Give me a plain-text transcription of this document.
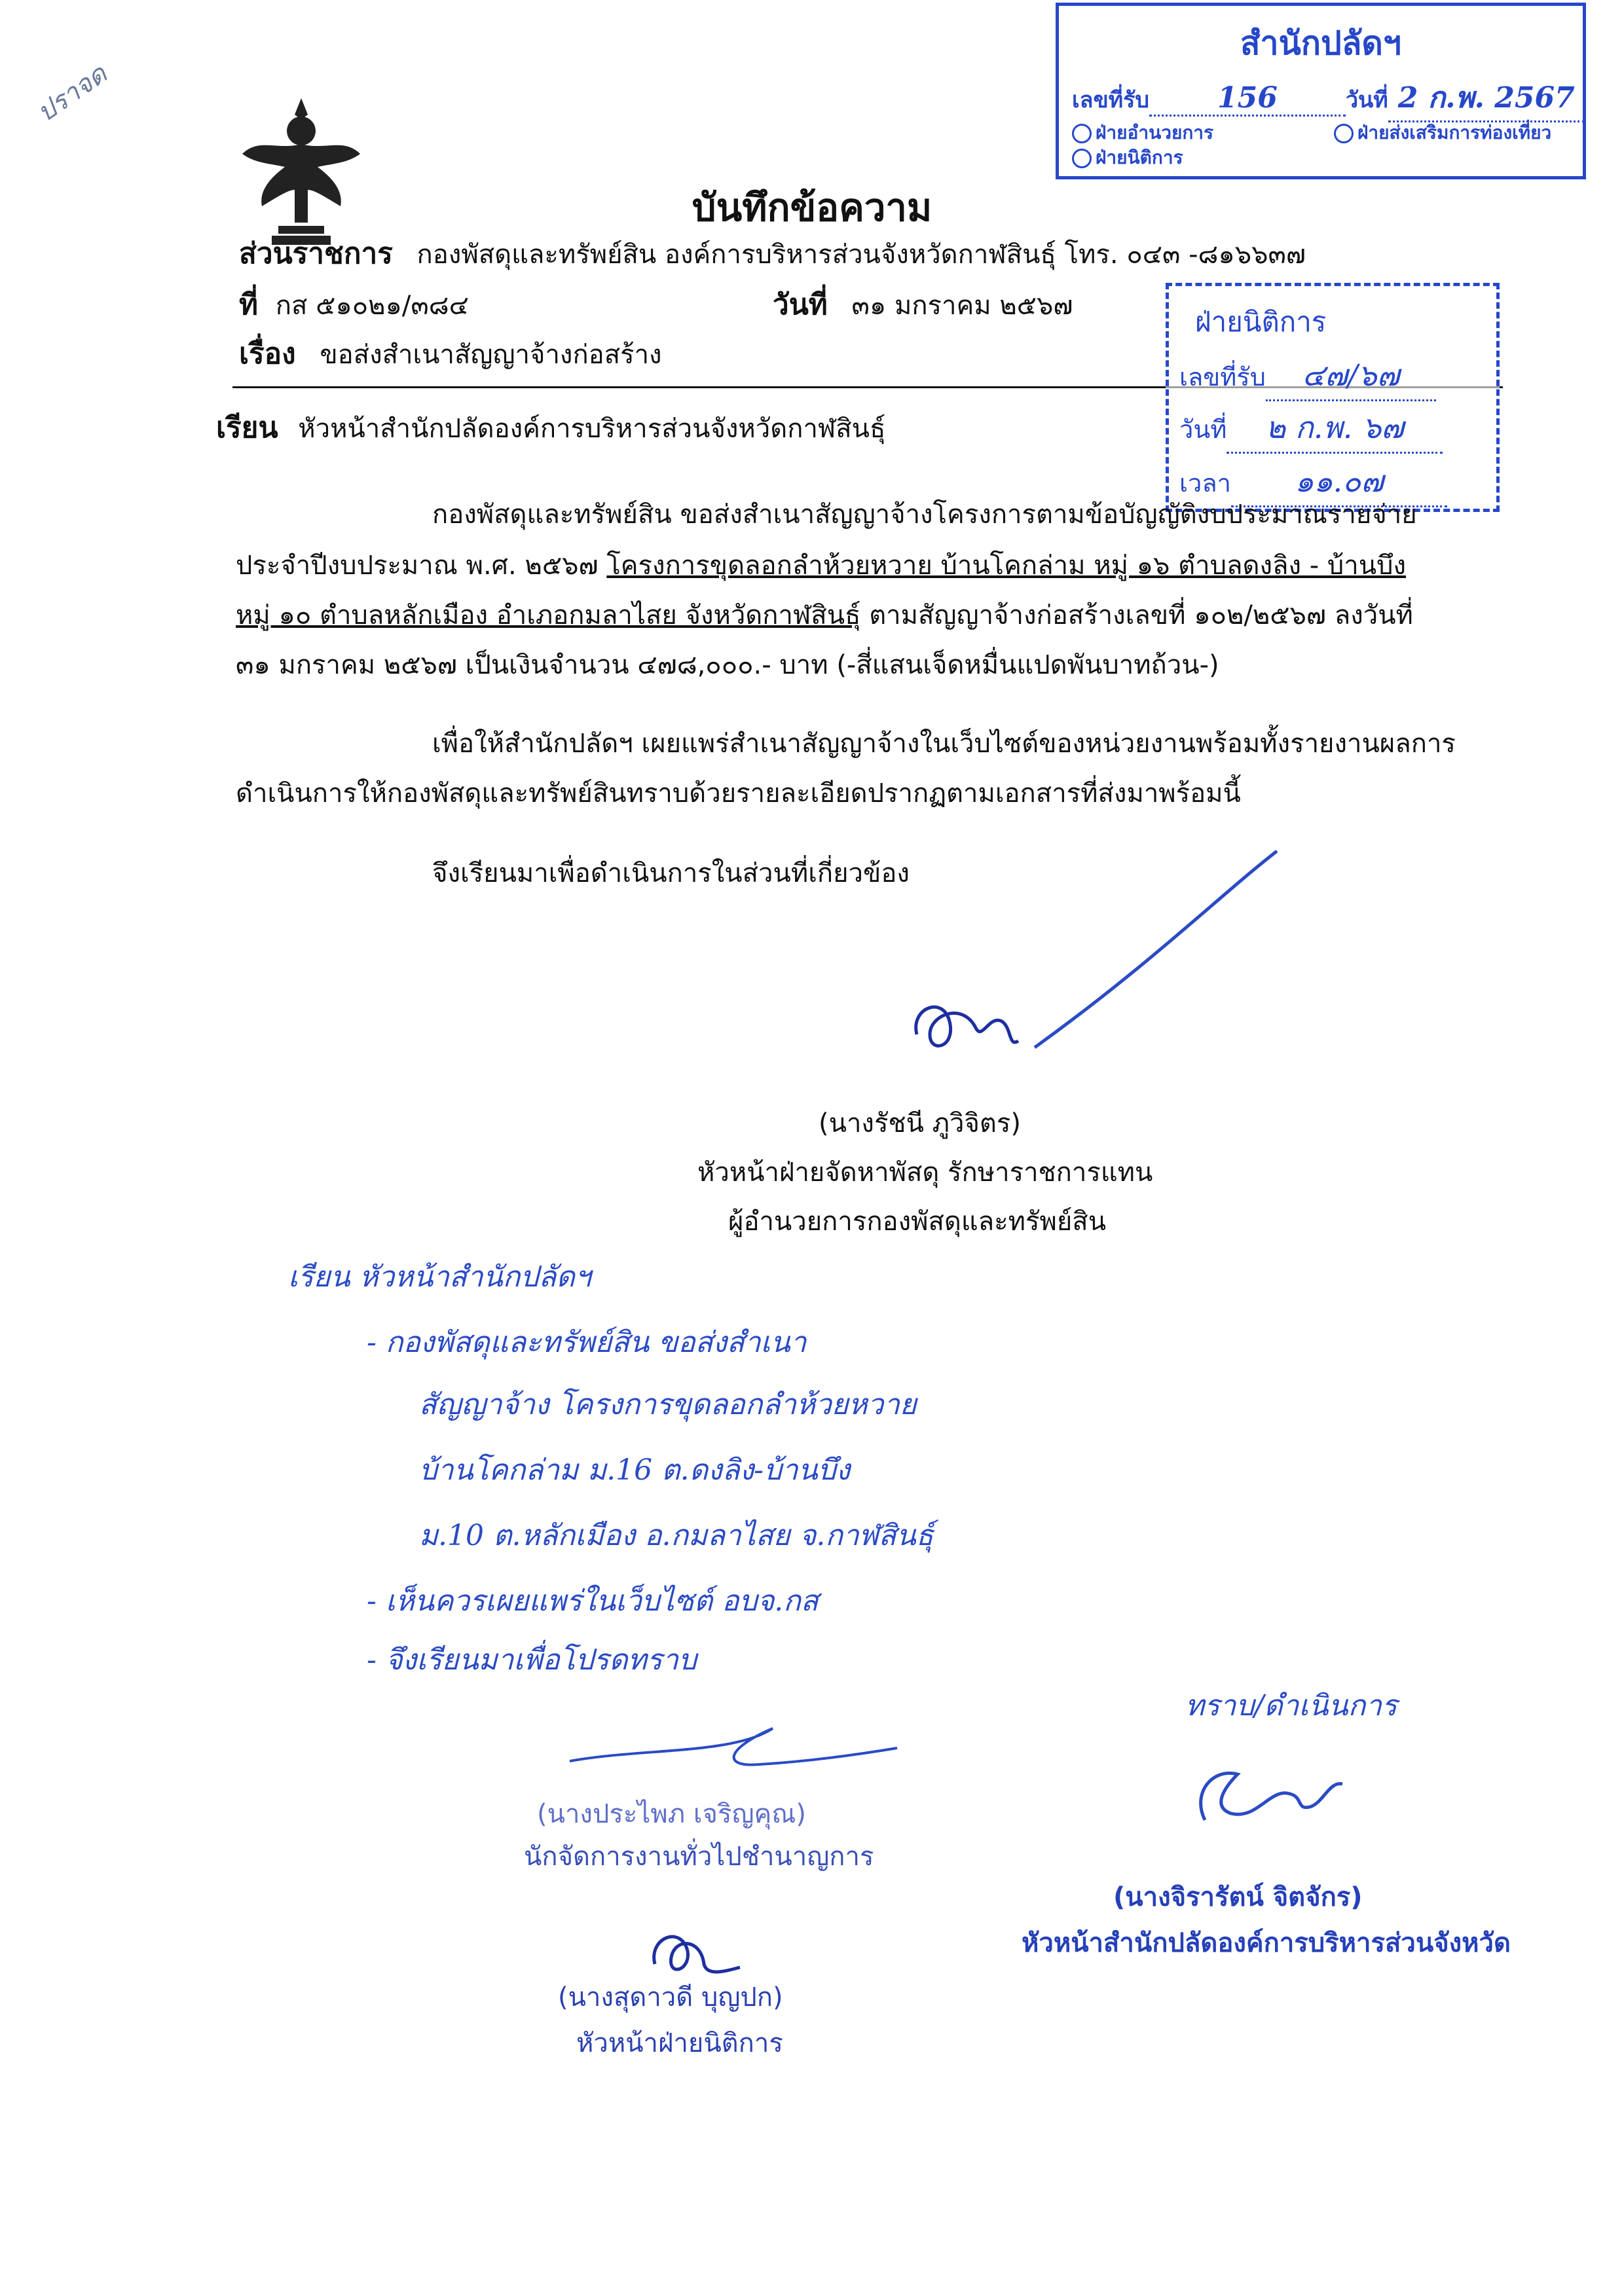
ปราจด
สำนักปลัดฯ
เลขที่รับ 156	วันที่ 2 ก.พ. 2567
ฝ่ายอำนวยการ	ฝ่ายส่งเสริมการท่องเที่ยว
ฝ่ายนิติการ
บันทึกข้อความ
ส่วนราชการ กองพัสดุและทรัพย์สิน องค์การบริหารส่วนจังหวัดกาฬสินธุ์ โทร. ๐๔๓ -๘๑๖๖๓๗
ที่ กส ๕๑๐๒๑/๓๘๔	วันที่ ๓๑ มกราคม ๒๕๖๗
เรื่อง ขอส่งสำเนาสัญญาจ้างก่อสร้าง
เรียน หัวหน้าสำนักปลัดองค์การบริหารส่วนจังหวัดกาฬสินธุ์
ฝ่ายนิติการ
เลขที่รับ ๔๗/๖๗
วันที่ ๒ ก.พ. ๖๗
เวลา ๑๑.๐๗
กองพัสดุและทรัพย์สิน ขอส่งสำเนาสัญญาจ้างโครงการตามข้อบัญญัติงบประมาณรายจ่าย
ประจำปีงบประมาณ พ.ศ. ๒๕๖๗ โครงการขุดลอกลำห้วยหวาย บ้านโคกล่าม หมู่ ๑๖ ตำบลดงลิง - บ้านบึง
หมู่ ๑๐ ตำบลหลักเมือง อำเภอกมลาไสย จังหวัดกาฬสินธุ์ ตามสัญญาจ้างก่อสร้างเลขที่ ๑๐๒/๒๕๖๗ ลงวันที่
๓๑ มกราคม ๒๕๖๗ เป็นเงินจำนวน ๔๗๘,๐๐๐.- บาท (-สี่แสนเจ็ดหมื่นแปดพันบาทถ้วน-)
เพื่อให้สำนักปลัดฯ เผยแพร่สำเนาสัญญาจ้างในเว็บไซต์ของหน่วยงานพร้อมทั้งรายงานผลการ
ดำเนินการให้กองพัสดุและทรัพย์สินทราบด้วยรายละเอียดปรากฏตามเอกสารที่ส่งมาพร้อมนี้
จึงเรียนมาเพื่อดำเนินการในส่วนที่เกี่ยวข้อง
(นางรัชนี ภูวิจิตร)
หัวหน้าฝ่ายจัดหาพัสดุ รักษาราชการแทน
ผู้อำนวยการกองพัสดุและทรัพย์สิน
เรียน หัวหน้าสำนักปลัดฯ
- กองพัสดุและทรัพย์สิน ขอส่งสำเนา
สัญญาจ้าง โครงการขุดลอกลำห้วยหวาย
บ้านโคกล่าม ม.16 ต.ดงลิง-บ้านบึง
ม.10 ต.หลักเมือง อ.กมลาไสย จ.กาฬสินธุ์
- เห็นควรเผยแพร่ในเว็บไซต์ อบจ.กส
- จึงเรียนมาเพื่อโปรดทราบ
(นางประไพภ เจริญคุณ)
นักจัดการงานทั่วไปชำนาญการ
(นางสุดาวดี บุญปก)
หัวหน้าฝ่ายนิติการ
ทราบ/ดำเนินการ
(นางจิรารัตน์ จิตจักร)
หัวหน้าสำนักปลัดองค์การบริหารส่วนจังหวัด
